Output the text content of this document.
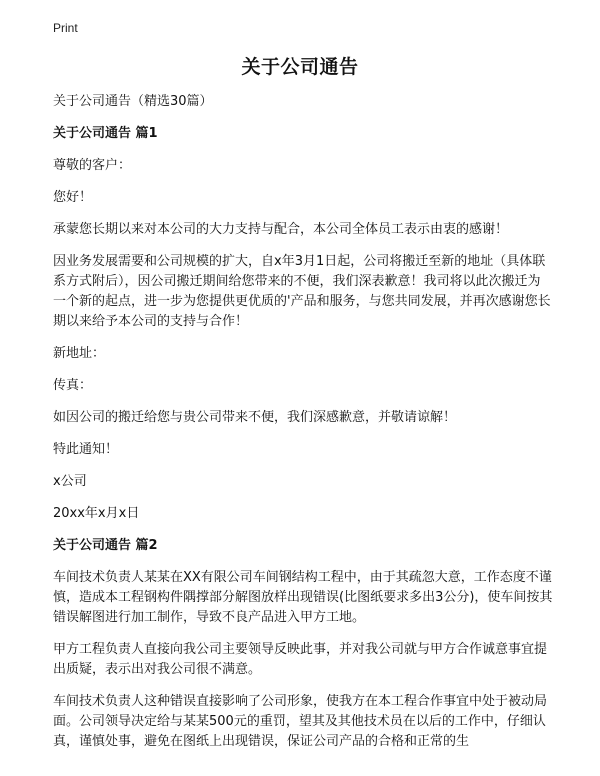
Print
关于公司通告

关于公司通告（精选30篇）

关于公司通告 篇1

尊敬的客户：

您好！

承蒙您长期以来对本公司的大力支持与配合，本公司全体员工表示由衷的感谢！

因业务发展需要和公司规模的扩大，自x年3月1日起，公司将搬迁至新的地址（具体联系方式附后），因公司搬迁期间给您带来的不便，我们深表歉意！我司将以此次搬迁为一个新的起点，进一步为您提供更优质的'产品和服务，与您共同发展，并再次感谢您长期以来给予本公司的支持与合作！

新地址：

传真：

如因公司的搬迁给您与贵公司带来不便，我们深感歉意，并敬请谅解！

特此通知！

x公司

20xx年x月x日

关于公司通告 篇2

车间技术负责人某某在XX有限公司车间钢结构工程中，由于其疏忽大意，工作态度不谨慎，造成本工程钢构件隅撑部分解图放样出现错误(比图纸要求多出3公分)，使车间按其错误解图进行加工制作，导致不良产品进入甲方工地。

甲方工程负责人直接向我公司主要领导反映此事，并对我公司就与甲方合作诚意事宜提出质疑，表示出对我公司很不满意。

车间技术负责人这种错误直接影响了公司形象，使我方在本工程合作事宜中处于被动局面。公司领导决定给与某某500元的重罚，望其及其他技术员在以后的工作中，仔细认真，谨慎处事，避免在图纸上出现错误，保证公司产品的合格和正常的生
